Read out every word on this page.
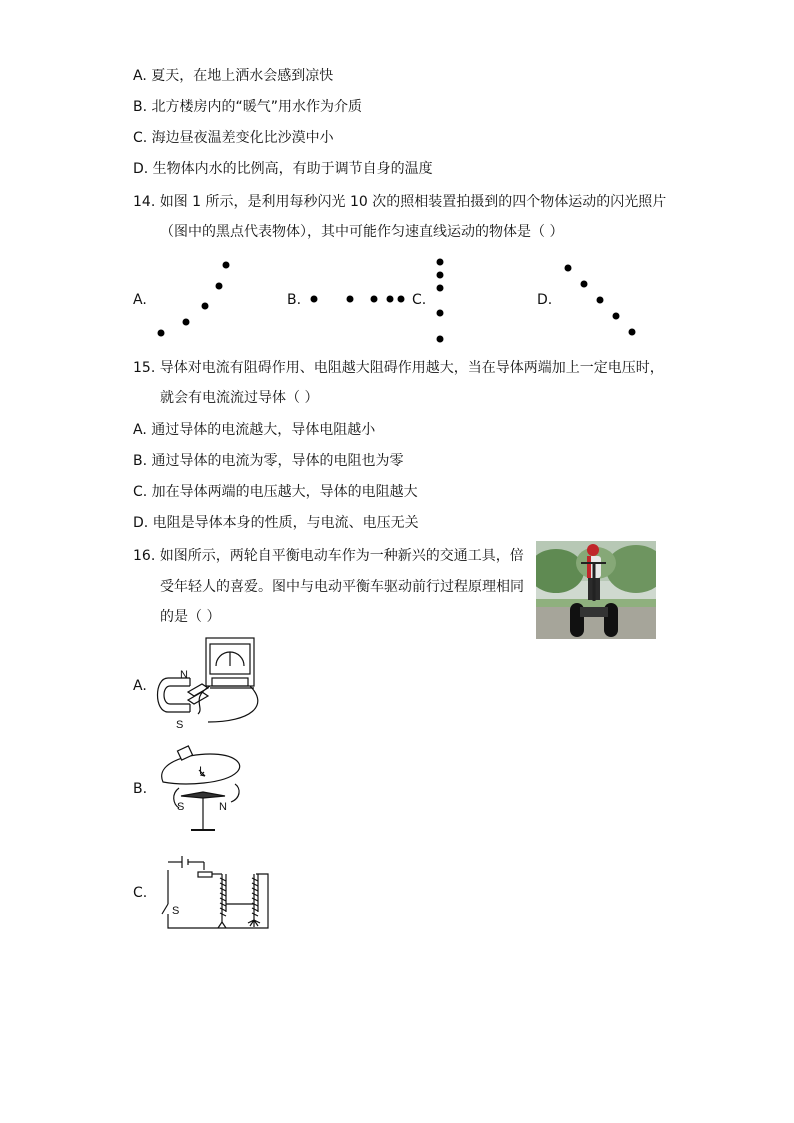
A. 夏天，在地上洒水会感到凉快
B. 北方楼房内的“暖气”用水作为介质
C. 海边昼夜温差变化比沙漠中小
D. 生物体内水的比例高，有助于调节自身的温度
14. 如图 1 所示，是利用每秒闪光 10 次的照相装置拍摄到的四个物体运动的闪光照片
（图中的黑点代表物体），其中可能作匀速直线运动的物体是（ ）
A.	B.	C.	D.
15. 导体对电流有阻碍作用、电阻越大阻碍作用越大，当在导体两端加上一定电压时，
就会有电流流过导体（ ）
A. 通过导体的电流越大，导体电阻越小
B. 通过导体的电流为零，导体的电阻也为零
C. 加在导体两端的电压越大，导体的电阻越大
D. 电阻是导体本身的性质，与电流、电压无关
16. 如图所示，两轮自平衡电动车作为一种新兴的交通工具，倍
受年轻人的喜爱。图中与电动平衡车驱动前行过程原理相同
的是（ ）
A.
B.
C.
N
S
I
S	N
S
